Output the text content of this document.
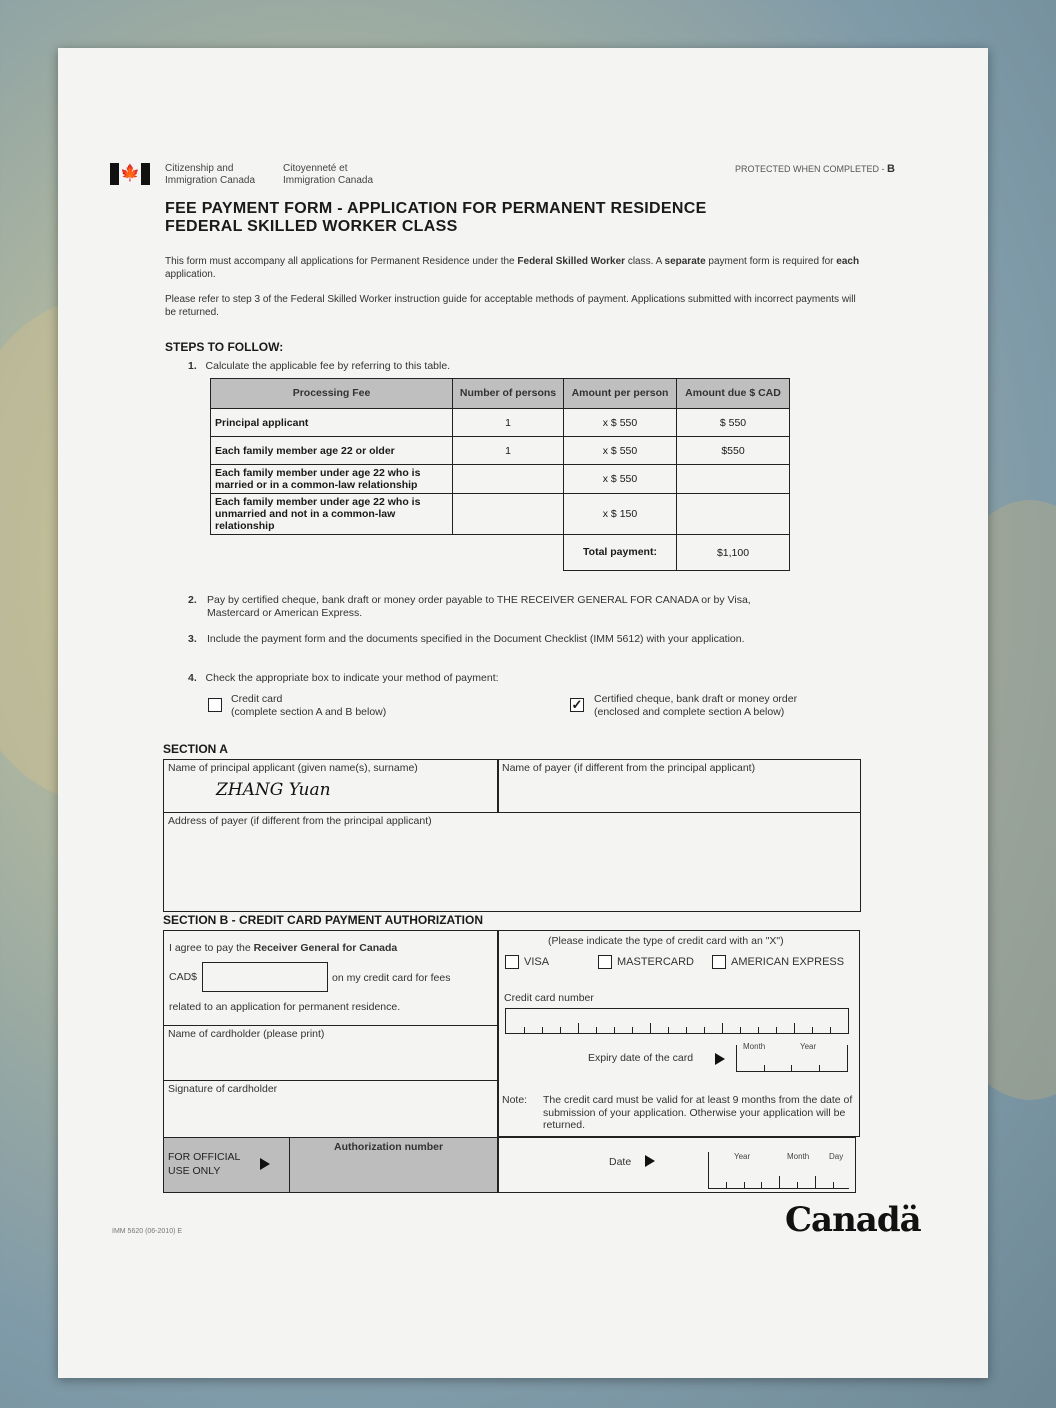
🍁	Citizenship and
Immigration Canada
Citoyenneté et
Immigration Canada
PROTECTED WHEN COMPLETED - B
FEE PAYMENT FORM - APPLICATION FOR PERMANENT RESIDENCE
FEDERAL SKILLED WORKER CLASS
This form must accompany all applications for Permanent Residence under the Federal Skilled Worker class. A separate payment form is required for each application.
Please refer to step 3 of the Federal Skilled Worker instruction guide for acceptable methods of payment. Applications submitted with incorrect payments will be returned.
STEPS TO FOLLOW:
1. Calculate the applicable fee by referring to this table.
Processing Fee	Number of persons	Amount per person	Amount due $ CAD
Principal applicant	1	x $ 550	$ 550
Each family member age 22 or older	1	x $ 550	$550
Each family member under age 22 who is married or in a common-law relationship		x $ 550	
Each family member under age 22 who is unmarried and not in a common-law relationship		x $ 150	
		Total payment:	$1,100
2. Pay by certified cheque, bank draft or money order payable to THE RECEIVER GENERAL FOR CANADA or by Visa, Mastercard or American Express.
3. Include the payment form and the documents specified in the Document Checklist (IMM 5612) with your application.
4. Check the appropriate box to indicate your method of payment:
Credit card
(complete section A and B below)	✓ Certified cheque, bank draft or money order
(enclosed and complete section A below)
SECTION A
Name of principal applicant (given name(s), surname)
ZHANG Yuan
Name of payer (if different from the principal applicant)
Address of payer (if different from the principal applicant)
SECTION B - CREDIT CARD PAYMENT AUTHORIZATION
I agree to pay the Receiver General for Canada
CAD$	on my credit card for fees
related to an application for permanent residence.
Name of cardholder (please print)
Signature of cardholder
FOR OFFICIAL
USE ONLY
Authorization number
(Please indicate the type of credit card with an "X")
VISA	MASTERCARD	AMERICAN EXPRESS
Credit card number
Expiry date of the card
Month	Year
Note: The credit card must be valid for at least 9 months from the date of submission of your application. Otherwise your application will be returned.
Date	Year	Month Day
IMM 5620 (06-2010) E	Canadä
